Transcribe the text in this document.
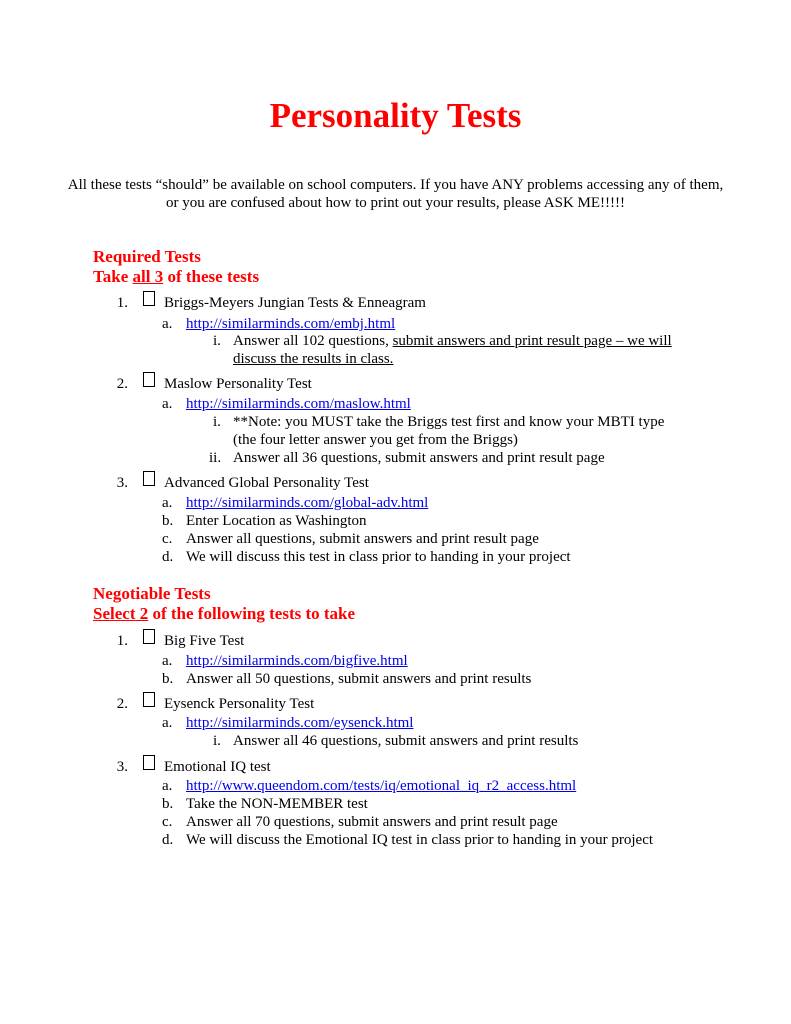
Personality Tests
All these tests “should” be available on school computers. If you have ANY problems accessing any of them, or you are confused about how to print out your results, please ASK ME!!!!!
Required Tests
Take all 3 of these tests
1. Briggs-Meyers Jungian Tests & Enneagram
a. http://similarminds.com/embj.html
i. Answer all 102 questions, submit answers and print result page – we will
discuss the results in class.
2. Maslow Personality Test
a. http://similarminds.com/maslow.html
i. **Note: you MUST take the Briggs test first and know your MBTI type
(the four letter answer you get from the Briggs)
ii. Answer all 36 questions, submit answers and print result page
3. Advanced Global Personality Test
a. http://similarminds.com/global-adv.html
b. Enter Location as Washington
c. Answer all questions, submit answers and print result page
d. We will discuss this test in class prior to handing in your project
Negotiable Tests
Select 2 of the following tests to take
1. Big Five Test
a. http://similarminds.com/bigfive.html
b. Answer all 50 questions, submit answers and print results
2. Eysenck Personality Test
a. http://similarminds.com/eysenck.html
i. Answer all 46 questions, submit answers and print results
3. Emotional IQ test
a. http://www.queendom.com/tests/iq/emotional_iq_r2_access.html
b. Take the NON-MEMBER test
c. Answer all 70 questions, submit answers and print result page
d. We will discuss the Emotional IQ test in class prior to handing in your project
